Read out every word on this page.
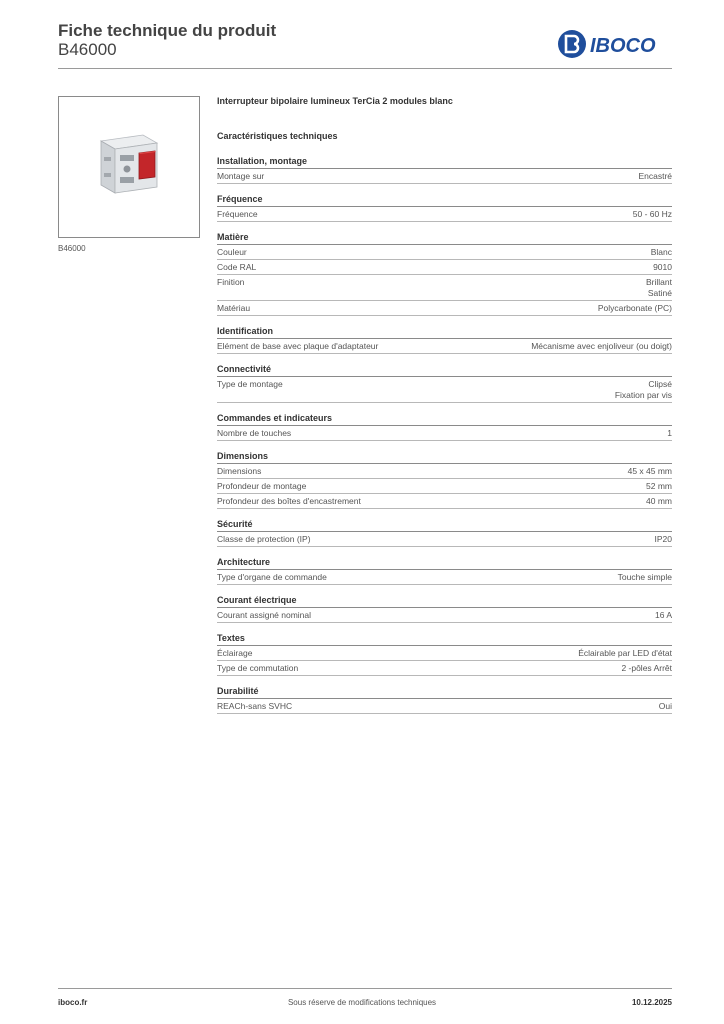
Fiche technique du produit
B46000	IBOCO
B46000
Interrupteur bipolaire lumineux TerCia 2 modules blanc
Caractéristiques techniques
Installation, montage
Montage sur	Encastré
Fréquence
Fréquence	50 - 60 Hz
Matière
Couleur	Blanc
Code RAL	9010
Finition	Brillant
Satiné
Matériau	Polycarbonate (PC)
Identification
Elément de base avec plaque d'adaptateur	Mécanisme avec enjoliveur (ou doigt)
Connectivité
Type de montage	Clipsé
Fixation par vis
Commandes et indicateurs
Nombre de touches	1
Dimensions
Dimensions	45 x 45 mm
Profondeur de montage	52 mm
Profondeur des boîtes d'encastrement	40 mm
Sécurité
Classe de protection (IP)	IP20
Architecture
Type d'organe de commande	Touche simple
Courant électrique
Courant assigné nominal	16 A
Textes
Éclairage	Éclairable par LED d'état
Type de commutation	2 -pôles Arrêt
Durabilité
REACh-sans SVHC	Oui
iboco.fr	Sous réserve de modifications techniques	10.12.2025
